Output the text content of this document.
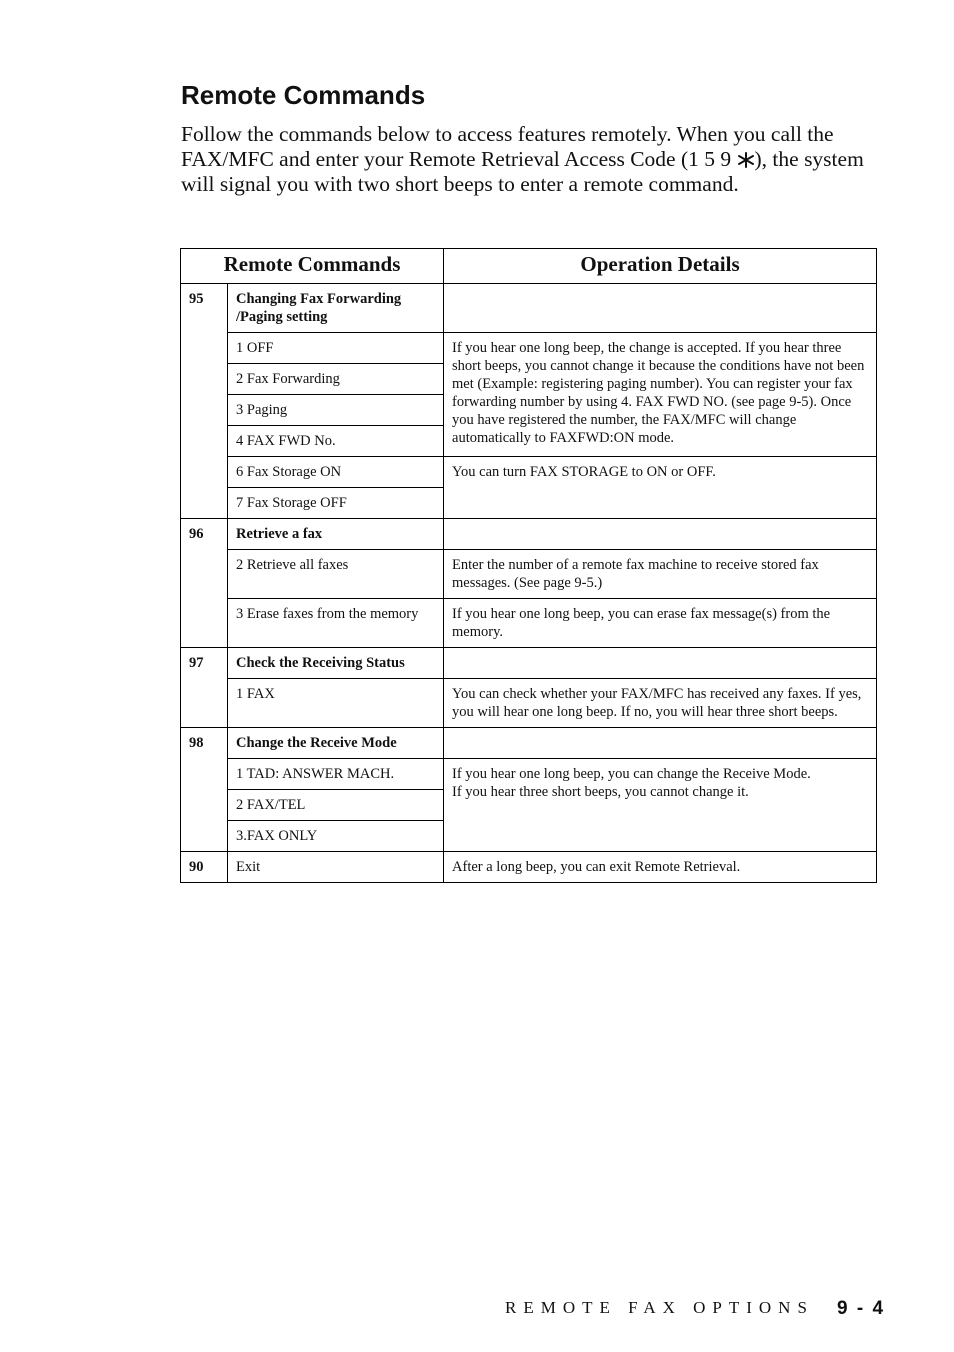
Remote Commands

Follow the commands below to access features remotely. When you call the FAX/MFC and enter your Remote Retrieval Access Code (1 5 9 ), the system will signal you with two short beeps to enter a remote command.

Remote Commands		Operation Details
95	Changing Fax Forwarding
/Paging setting	
	1 OFF	If you hear one long beep, the change is accepted. If you hear three short beeps, you cannot change it because the conditions have not been met (Example: registering paging number). You can register your fax forwarding number by using 4. FAX FWD NO. (see page 9-5). Once you have registered the number, the FAX/MFC will change automatically to FAXFWD:ON mode.
	2 Fax Forwarding	
	3 Paging	
	4 FAX FWD No.	
	6 Fax Storage ON	You can turn FAX STORAGE to ON or OFF.
	7 Fax Storage OFF	
96	Retrieve a fax	
	2 Retrieve all faxes	Enter the number of a remote fax machine to receive stored fax messages. (See page 9-5.)
	3 Erase faxes from the memory	If you hear one long beep, you can erase fax message(s) from the memory.
97	Check the Receiving Status	
	1 FAX	You can check whether your FAX/MFC has received any faxes. If yes, you will hear one long beep. If no, you will hear three short beeps.
98	Change the Receive Mode	
	1 TAD: ANSWER MACH.	If you hear one long beep, you can change the Receive Mode.
If you hear three short beeps, you cannot change it.
	2 FAX/TEL	
	3.FAX ONLY	
90	Exit	After a long beep, you can exit Remote Retrieval.
REMOTE FAX OPTIONS 9 - 4
